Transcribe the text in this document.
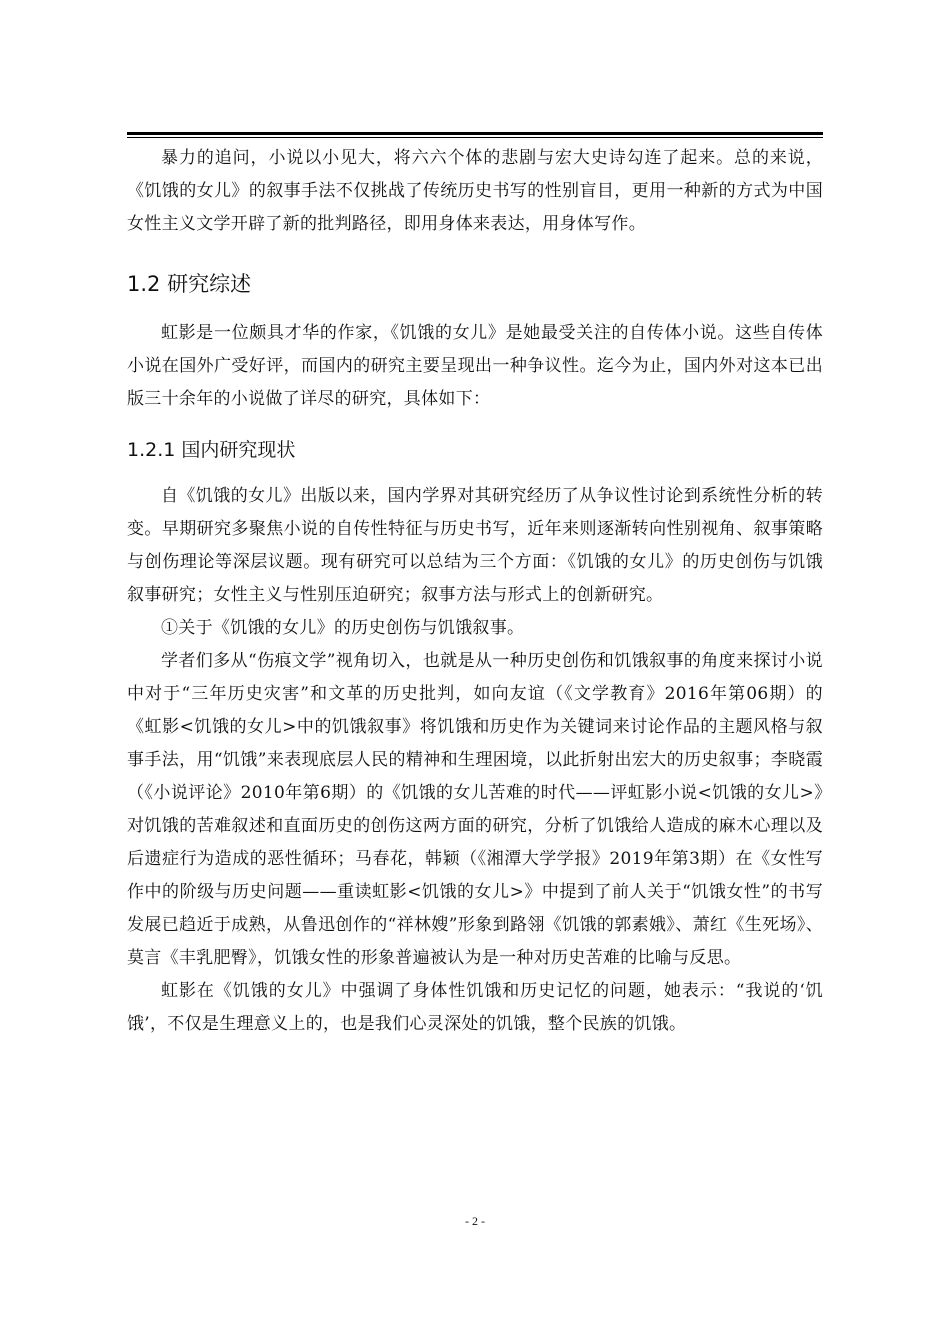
暴力的追问，小说以小见大，将六六个体的悲剧与宏大史诗勾连了起来。总的来说，《饥饿的女儿》的叙事手法不仅挑战了传统历史书写的性别盲目，更用一种新的方式为中国女性主义文学开辟了新的批判路径，即用身体来表达，用身体写作。

1.2 研究综述

虹影是一位颇具才华的作家，《饥饿的女儿》是她最受关注的自传体小说。这些自传体小说在国外广受好评，而国内的研究主要呈现出一种争议性。迄今为止，国内外对这本已出版三十余年的小说做了详尽的研究，具体如下：

1.2.1 国内研究现状

自《饥饿的女儿》出版以来，国内学界对其研究经历了从争议性讨论到系统性分析的转变。早期研究多聚焦小说的自传性特征与历史书写，近年来则逐渐转向性别视角、叙事策略与创伤理论等深层议题。现有研究可以总结为三个方面：《饥饿的女儿》的历史创伤与饥饿叙事研究；女性主义与性别压迫研究；叙事方法与形式上的创新研究。

①关于《饥饿的女儿》的历史创伤与饥饿叙事。

学者们多从“伤痕文学”视角切入，也就是从一种历史创伤和饥饿叙事的角度来探讨小说中对于“三年历史灾害”和文革的历史批判，如向友谊（《文学教育》2016年第06期）的《虹影<饥饿的女儿>中的饥饿叙事》将饥饿和历史作为关键词来讨论作品的主题风格与叙事手法，用“饥饿”来表现底层人民的精神和生理困境，以此折射出宏大的历史叙事；李晓霞（《小说评论》2010年第6期）的《饥饿的女儿苦难的时代——评虹影小说<饥饿的女儿>》对饥饿的苦难叙述和直面历史的创伤这两方面的研究，分析了饥饿给人造成的麻木心理以及后遗症行为造成的恶性循环；马春花，韩颖（《湘潭大学学报》2019年第3期）在《女性写作中的阶级与历史问题——重读虹影<饥饿的女儿>》中提到了前人关于“饥饿女性”的书写发展已趋近于成熟，从鲁迅创作的“祥林嫂”形象到路翎《饥饿的郭素娥》、萧红《生死场》、莫言《丰乳肥臀》，饥饿女性的形象普遍被认为是一种对历史苦难的比喻与反思。

虹影在《饥饿的女儿》中强调了身体性饥饿和历史记忆的问题，她表示：“我说的‘饥饿’，不仅是生理意义上的，也是我们心灵深处的饥饿，整个民族的饥饿。

- 2 -
